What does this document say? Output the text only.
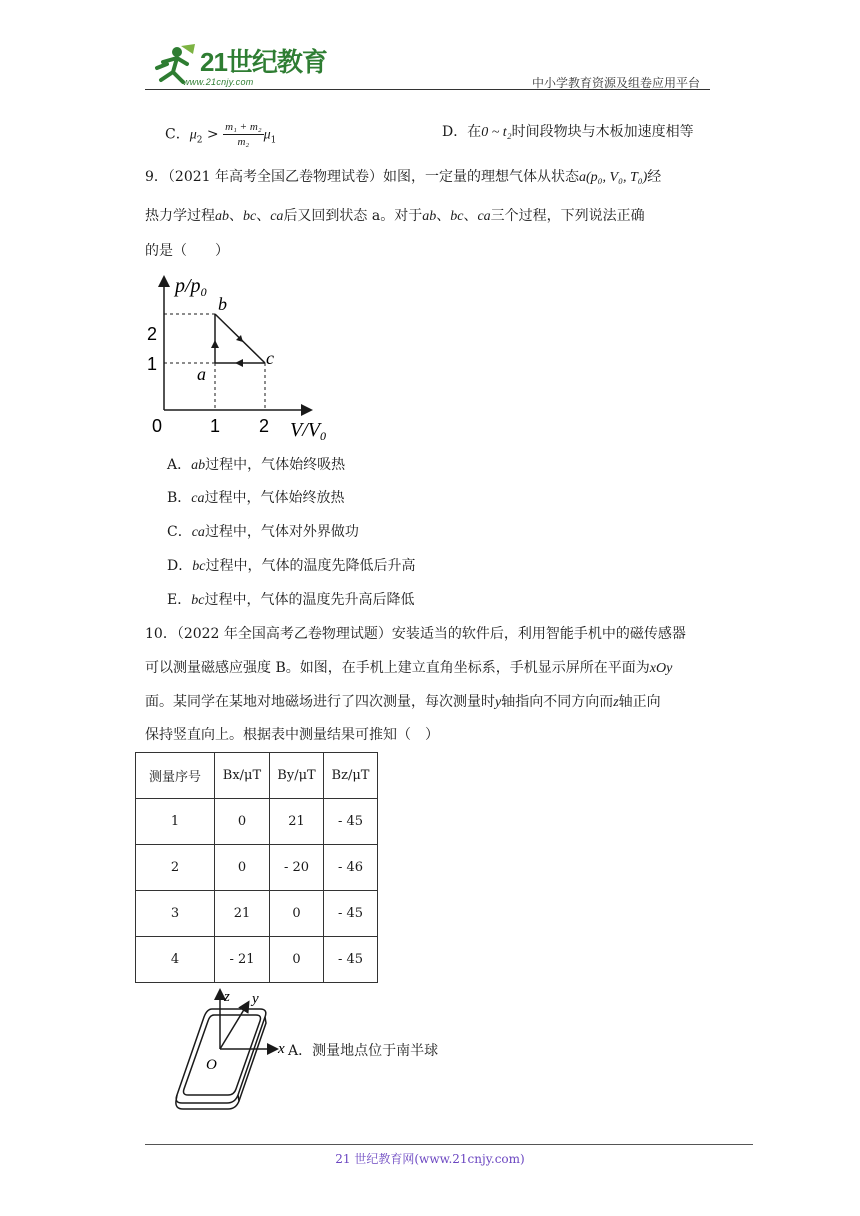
21世纪教育
www.21cnjy.com	中小学教育资源及组卷应用平台
C．$\mu_2 > \frac{\text{m₁ + m₂}}{\text{m₂}} \mu_1$
D．在0 ~ t₂时间段物块与木板加速度相等
9．（2021 年高考全国乙卷物理试卷）如图，一定量的理想气体从状态a(p₀, V₀, T₀)经
热力学过程ab、bc、ca后又回到状态 a。对于ab、bc、ca三个过程，下列说法正确
的是（　　）
$p/p_0$
$V/V_0$
0	1 2
1
2
a
b
c
A．ab过程中，气体始终吸热
B．ca过程中，气体始终放热
C．ca过程中，气体对外界做功
D．bc过程中，气体的温度先降低后升高
E．bc过程中，气体的温度先升高后降低
10．（2022 年全国高考乙卷物理试题）安装适当的软件后，利用智能手机中的磁传感器
可以测量磁感应强度 B。如图，在手机上建立直角坐标系，手机显示屏所在平面为xOy
面。某同学在某地对地磁场进行了四次测量，每次测量时y轴指向不同方向而z轴正向
保持竖直向上。根据表中测量结果可推知（　）
测量序号	Bx/μT	By/μT	Bz/μT
1	0	21	- 45
2	0	- 20	- 46
3	21	0	- 45
4	- 21	0	- 45
z y
x
O
A．测量地点位于南半球
21 世纪教育网(www.21cnjy.com)
